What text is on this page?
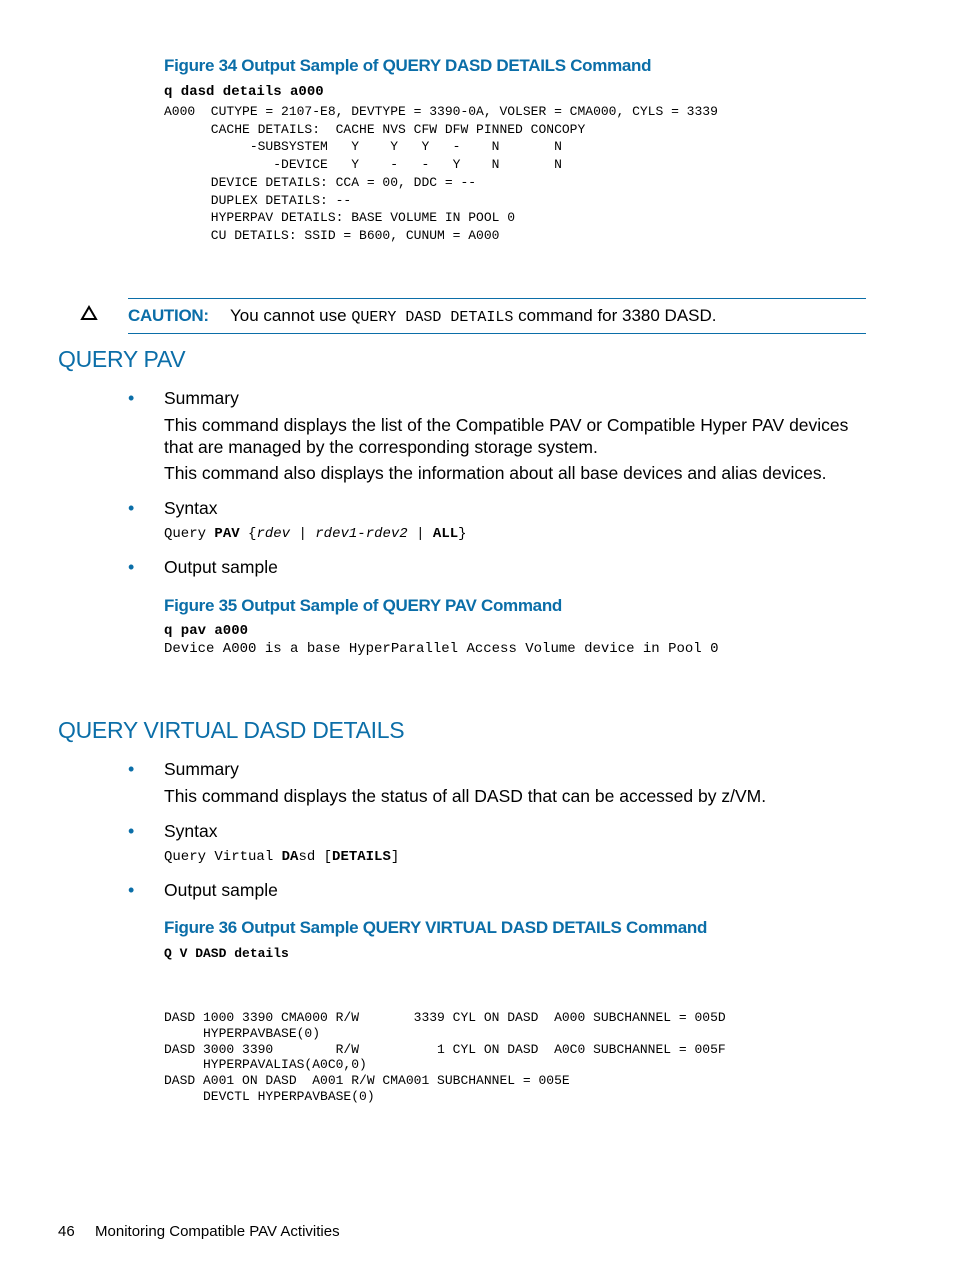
Figure 34 Output Sample of QUERY DASD DETAILS Command
q dasd details a000
A000  CUTYPE = 2107-E8, DEVTYPE = 3390-0A, VOLSER = CMA000, CYLS = 3339
CACHE DETAILS:  CACHE NVS CFW DFW PINNED CONCOPY
-SUBSYSTEM   Y    Y   Y   -    N       N
-DEVICE   Y    -   -   Y    N       N
DEVICE DETAILS: CCA = 00, DDC = --
DUPLEX DETAILS: --
HYPERPAV DETAILS: BASE VOLUME IN POOL 0
CU DETAILS: SSID = B600, CUNUM = A000
CAUTION: You cannot use QUERY DASD DETAILS command for 3380 DASD.
QUERY PAV
• Summary
This command displays the list of the Compatible PAV or Compatible Hyper PAV devices that are managed by the corresponding storage system.
This command also displays the information about all base devices and alias devices.
• Syntax
Query PAV {rdev | rdev1-rdev2 | ALL}
• Output sample
Figure 35 Output Sample of QUERY PAV Command
q pav a000
Device A000 is a base HyperParallel Access Volume device in Pool 0
QUERY VIRTUAL DASD DETAILS
• Summary
This command displays the status of all DASD that can be accessed by z/VM.
• Syntax
Query Virtual DAsd [DETAILS]
• Output sample
Figure 36 Output Sample QUERY VIRTUAL DASD DETAILS Command
Q V DASD details
DASD 1000 3390 CMA000 R/W       3339 CYL ON DASD  A000 SUBCHANNEL = 005D
HYPERPAVBASE(0)
DASD 3000 3390        R/W          1 CYL ON DASD  A0C0 SUBCHANNEL = 005F
HYPERPAVALIAS(A0C0,0)
DASD A001 ON DASD  A001 R/W CMA001 SUBCHANNEL = 005E
DEVCTL HYPERPAVBASE(0)
46 Monitoring Compatible PAV Activities
